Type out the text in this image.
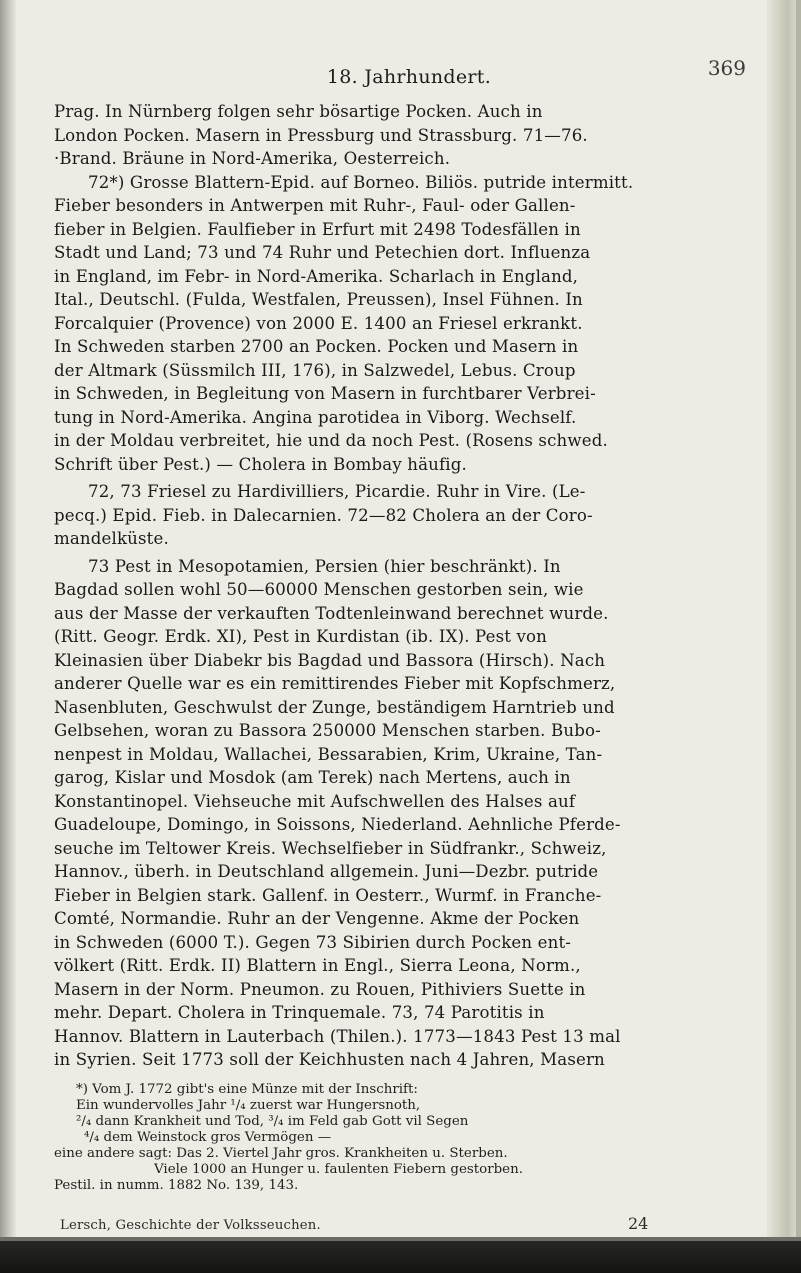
18. Jahrhundert.	369
Prag. In Nürnberg folgen sehr bösartige Pocken. Auch in
London Pocken. Masern in Pressburg und Strassburg. 71—76.
·Brand. Bräune in Nord-Amerika, Oesterreich.
72*) Grosse Blattern-Epid. auf Borneo. Biliös. putride intermitt.
Fieber besonders in Antwerpen mit Ruhr-, Faul- oder Gallen-
fieber in Belgien. Faulfieber in Erfurt mit 2498 Todesfällen in
Stadt und Land; 73 und 74 Ruhr und Petechien dort. Influenza
in England, im Febr- in Nord-Amerika. Scharlach in England,
Ital., Deutschl. (Fulda, Westfalen, Preussen), Insel Fühnen. In
Forcalquier (Provence) von 2000 E. 1400 an Friesel erkrankt.
In Schweden starben 2700 an Pocken. Pocken und Masern in
der Altmark (Süssmilch III, 176), in Salzwedel, Lebus. Croup
in Schweden, in Begleitung von Masern in furchtbarer Verbrei-
tung in Nord-Amerika. Angina parotidea in Viborg. Wechself.
in der Moldau verbreitet, hie und da noch Pest. (Rosens schwed.
Schrift über Pest.) — Cholera in Bombay häufig.
72, 73 Friesel zu Hardivilliers, Picardie. Ruhr in Vire. (Le-
pecq.) Epid. Fieb. in Dalecarnien. 72—82 Cholera an der Coro-
mandelküste.
73 Pest in Mesopotamien, Persien (hier beschränkt). In
Bagdad sollen wohl 50—60000 Menschen gestorben sein, wie
aus der Masse der verkauften Todtenleinwand berechnet wurde.
(Ritt. Geogr. Erdk. XI), Pest in Kurdistan (ib. IX). Pest von
Kleinasien über Diabekr bis Bagdad und Bassora (Hirsch). Nach
anderer Quelle war es ein remittirendes Fieber mit Kopfschmerz,
Nasenbluten, Geschwulst der Zunge, beständigem Harntrieb und
Gelbsehen, woran zu Bassora 250000 Menschen starben. Bubo-
nenpest in Moldau, Wallachei, Bessarabien, Krim, Ukraine, Tan-
garog, Kislar und Mosdok (am Terek) nach Mertens, auch in
Konstantinopel. Viehseuche mit Aufschwellen des Halses auf
Guadeloupe, Domingo, in Soissons, Niederland. Aehnliche Pferde-
seuche im Teltower Kreis. Wechselfieber in Südfrankr., Schweiz,
Hannov., überh. in Deutschland allgemein. Juni—Dezbr. putride
Fieber in Belgien stark. Gallenf. in Oesterr., Wurmf. in Franche-
Comté, Normandie. Ruhr an der Vengenne. Akme der Pocken
in Schweden (6000 T.). Gegen 73 Sibirien durch Pocken ent-
völkert (Ritt. Erdk. II) Blattern in Engl., Sierra Leona, Norm.,
Masern in der Norm. Pneumon. zu Rouen, Pithiviers Suette in
mehr. Depart. Cholera in Trinquemale. 73, 74 Parotitis in
Hannov. Blattern in Lauterbach (Thilen.). 1773—1843 Pest 13 mal
in Syrien. Seit 1773 soll der Keichhusten nach 4 Jahren, Masern
*) Vom J. 1772 gibt's eine Münze mit der Inschrift:
Ein wundervolles Jahr ¹/₄ zuerst war Hungersnoth,
²/₄ dann Krankheit und Tod, ³/₄ im Feld gab Gott vil Segen
⁴/₄ dem Weinstock gros Vermögen —
eine andere sagt: Das 2. Viertel Jahr gros. Krankheiten u. Sterben.
Viele 1000 an Hunger u. faulenten Fiebern gestorben.
Pestil. in numm. 1882 No. 139, 143.
Lersch, Geschichte der Volksseuchen.	24
